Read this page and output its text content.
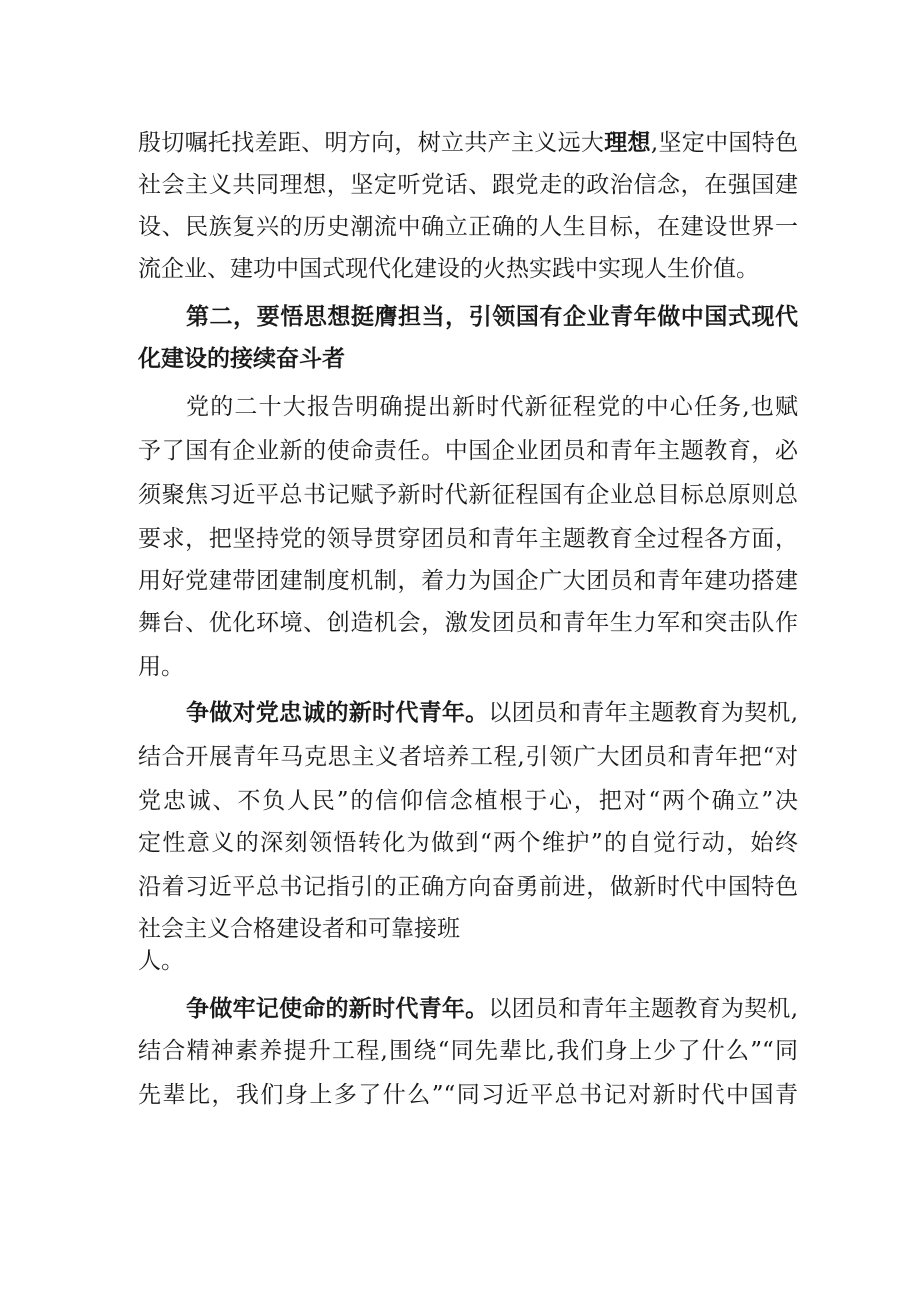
殷切嘱托找差距、明方向，树立共产主义远大理想,坚定中国特色
社会主义共同理想，坚定听党话、跟党走的政治信念，在强国建
设、民族复兴的历史潮流中确立正确的人生目标，在建设世界一
流企业、建功中国式现代化建设的火热实践中实现人生价值。
第二，要悟思想挺膺担当，引领国有企业青年做中国式现代
化建设的接续奋斗者
党的二十大报告明确提出新时代新征程党的中心任务,也赋
予了国有企业新的使命责任。中国企业团员和青年主题教育，必
须聚焦习近平总书记赋予新时代新征程国有企业总目标总原则总
要求，把坚持党的领导贯穿团员和青年主题教育全过程各方面，
用好党建带团建制度机制，着力为国企广大团员和青年建功搭建
舞台、优化环境、创造机会，激发团员和青年生力军和突击队作
用。
争做对党忠诚的新时代青年。以团员和青年主题教育为契机,
结合开展青年马克思主义者培养工程,引领广大团员和青年把“对
党忠诚、不负人民”的信仰信念植根于心，把对“两个确立”决
定性意义的深刻领悟转化为做到“两个维护”的自觉行动，始终
沿着习近平总书记指引的正确方向奋勇前进，做新时代中国特色
社会主义合格建设者和可靠接班
人。
争做牢记使命的新时代青年。以团员和青年主题教育为契机,
结合精神素养提升工程,围绕“同先辈比,我们身上少了什么”“同
先辈比，我们身上多了什么”“同习近平总书记对新时代中国青
